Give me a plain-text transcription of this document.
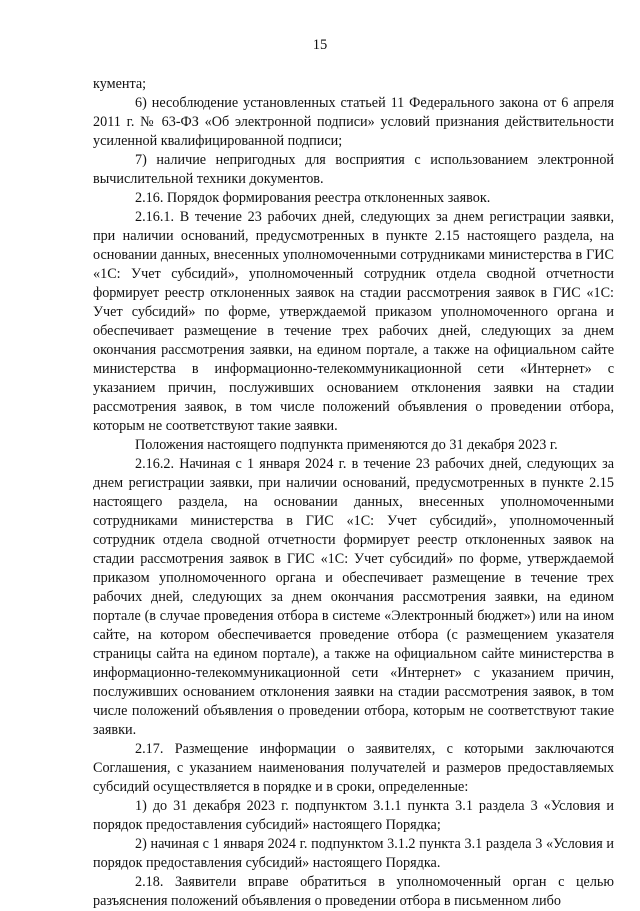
15

кумента;

6) несоблюдение установленных статьей 11 Федерального закона от 6 апреля 2011 г. № 63-ФЗ «Об электронной подписи» условий признания действительности усиленной квалифицированной подписи;

7) наличие непригодных для восприятия с использованием электронной вычислительной техники документов.

2.16. Порядок формирования реестра отклоненных заявок.

2.16.1. В течение 23 рабочих дней, следующих за днем регистрации заявки, при наличии оснований, предусмотренных в пункте 2.15 настоящего раздела, на основании данных, внесенных уполномоченными сотрудниками министерства в ГИС «1С: Учет субсидий», уполномоченный сотрудник отдела сводной отчетности формирует реестр отклоненных заявок на стадии рассмотрения заявок в ГИС «1С: Учет субсидий» по форме, утверждаемой приказом уполномоченного органа и обеспечивает размещение в течение трех рабочих дней, следующих за днем окончания рассмотрения заявки, на едином портале, а также на официальном сайте министерства в информационно-телекоммуникационной сети «Интернет» с указанием причин, послуживших основанием отклонения заявки на стадии рассмотрения заявок, в том числе положений объявления о проведении отбора, которым не соответствуют такие заявки.

Положения настоящего подпункта применяются до 31 декабря 2023 г.

2.16.2. Начиная с 1 января 2024 г. в течение 23 рабочих дней, следующих за днем регистрации заявки, при наличии оснований, предусмотренных в пункте 2.15 настоящего раздела, на основании данных, внесенных уполномоченными сотрудниками министерства в ГИС «1С: Учет субсидий», уполномоченный сотрудник отдела сводной отчетности формирует реестр отклоненных заявок на стадии рассмотрения заявок в ГИС «1С: Учет субсидий» по форме, утверждаемой приказом уполномоченного органа и обеспечивает размещение в течение трех рабочих дней, следующих за днем окончания рассмотрения заявки, на едином портале (в случае проведения отбора в системе «Электронный бюджет») или на ином сайте, на котором обеспечивается проведение отбора (с размещением указателя страницы сайта на едином портале), а также на официальном сайте министерства в информационно-телекоммуникационной сети «Интернет» с указанием причин, послуживших основанием отклонения заявки на стадии рассмотрения заявок, в том числе положений объявления о проведении отбора, которым не соответствуют такие заявки.

2.17. Размещение информации о заявителях, с которыми заключаются Соглашения, с указанием наименования получателей и размеров предоставляемых субсидий осуществляется в порядке и в сроки, определенные:

1) до 31 декабря 2023 г. подпунктом 3.1.1 пункта 3.1 раздела 3 «Условия и порядок предоставления субсидий» настоящего Порядка;

2) начиная с 1 января 2024 г. подпунктом 3.1.2 пункта 3.1 раздела 3 «Условия и порядок предоставления субсидий» настоящего Порядка.

2.18. Заявители вправе обратиться в уполномоченный орган с целью разъяснения положений объявления о проведении отбора в письменном либо
